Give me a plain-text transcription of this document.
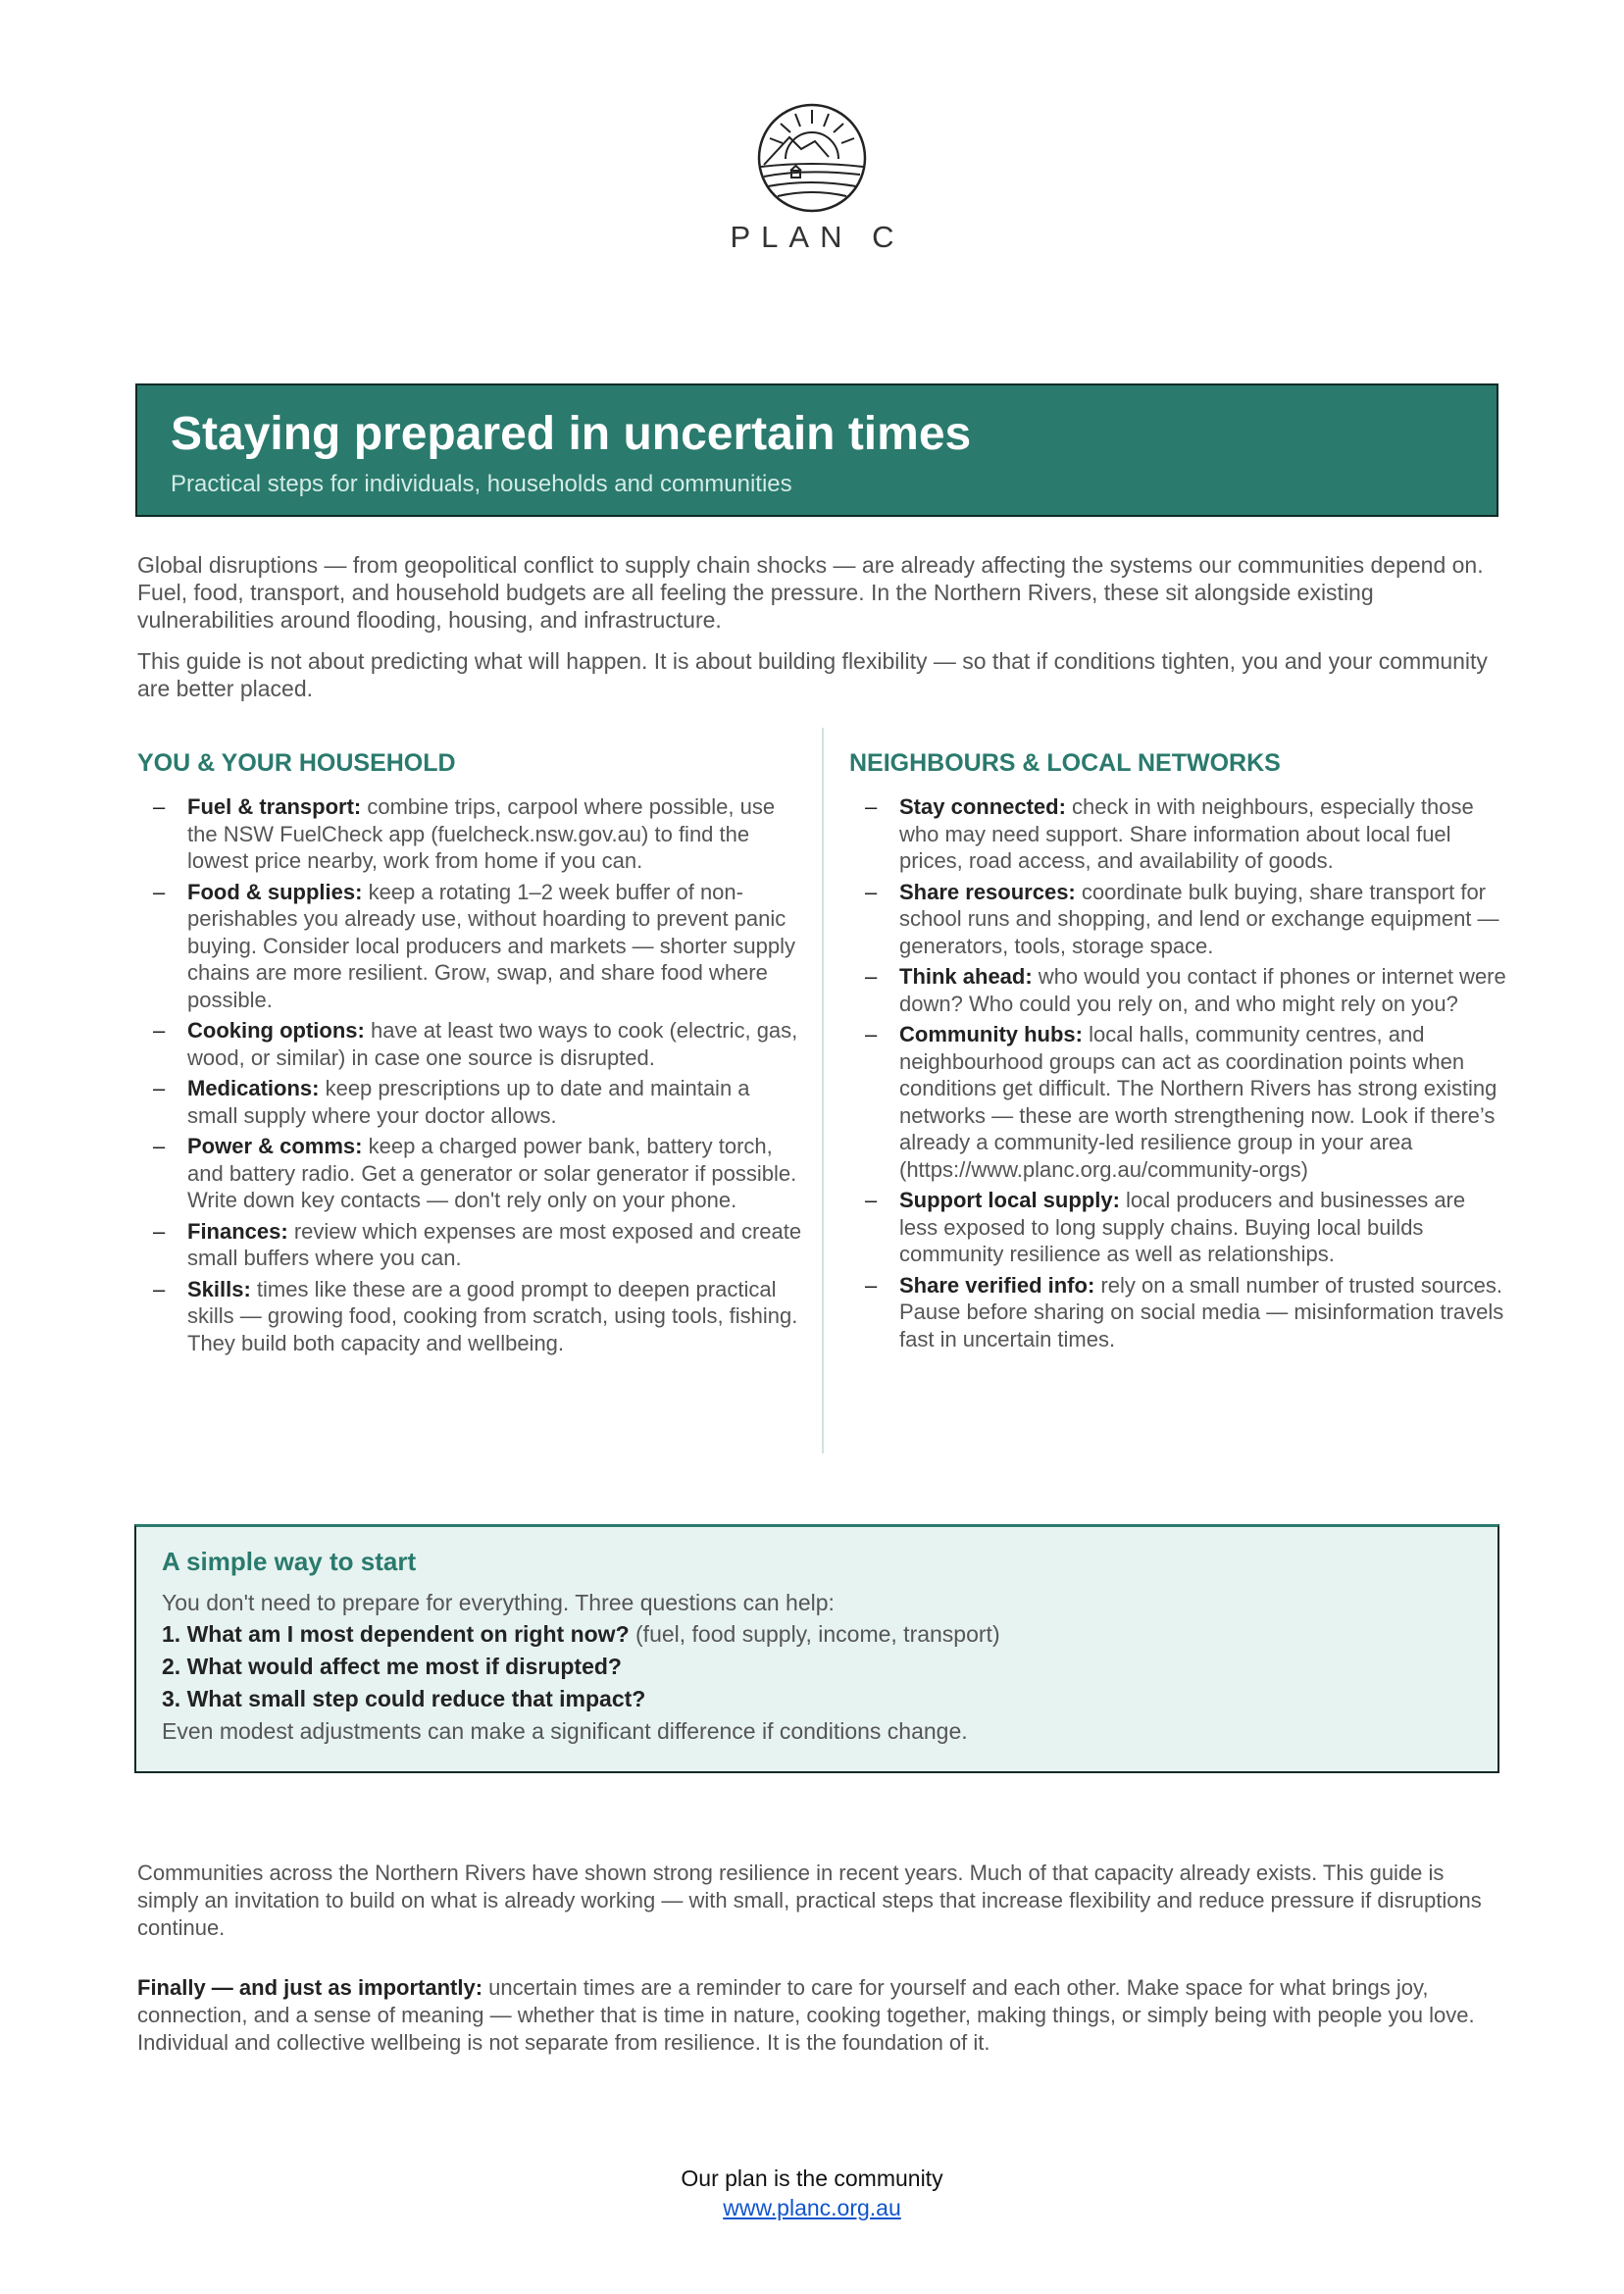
PLAN C
Staying prepared in uncertain times
Practical steps for individuals, households and communities

Global disruptions — from geopolitical conflict to supply chain shocks — are already affecting the systems our communities depend on. Fuel, food, transport, and household budgets are all feeling the pressure. In the Northern Rivers, these sit alongside existing vulnerabilities around flooding, housing, and infrastructure.

This guide is not about predicting what will happen. It is about building flexibility — so that if conditions tighten, you and your community are better placed.

YOU & YOUR HOUSEHOLD
– Fuel & transport: combine trips, carpool where possible, use the NSW FuelCheck app (fuelcheck.nsw.gov.au) to find the lowest price nearby, work from home if you can.
– Food & supplies: keep a rotating 1–2 week buffer of non-perishables you already use, without hoarding to prevent panic buying. Consider local producers and markets — shorter supply chains are more resilient. Grow, swap, and share food where possible.
– Cooking options: have at least two ways to cook (electric, gas, wood, or similar) in case one source is disrupted.
– Medications: keep prescriptions up to date and maintain a small supply where your doctor allows.
– Power & comms: keep a charged power bank, battery torch, and battery radio. Get a generator or solar generator if possible. Write down key contacts — don't rely only on your phone.
– Finances: review which expenses are most exposed and create small buffers where you can.
– Skills: times like these are a good prompt to deepen practical skills — growing food, cooking from scratch, using tools, fishing. They build both capacity and wellbeing.
NEIGHBOURS & LOCAL NETWORKS
– Stay connected: check in with neighbours, especially those who may need support. Share information about local fuel prices, road access, and availability of goods.
– Share resources: coordinate bulk buying, share transport for school runs and shopping, and lend or exchange equipment — generators, tools, storage space.
– Think ahead: who would you contact if phones or internet were down? Who could you rely on, and who might rely on you?
– Community hubs: local halls, community centres, and neighbourhood groups can act as coordination points when conditions get difficult. The Northern Rivers has strong existing networks — these are worth strengthening now. Look if there’s already a community-led resilience group in your area (https://www.planc.org.au/community-orgs)
– Support local supply: local producers and businesses are less exposed to long supply chains. Buying local builds community resilience as well as relationships.
– Share verified info: rely on a small number of trusted sources. Pause before sharing on social media — misinformation travels fast in uncertain times.
A simple way to start
You don't need to prepare for everything. Three questions can help:
1. What am I most dependent on right now? (fuel, food supply, income, transport)
2. What would affect me most if disrupted?
3. What small step could reduce that impact?
Even modest adjustments can make a significant difference if conditions change.

Communities across the Northern Rivers have shown strong resilience in recent years. Much of that capacity already exists. This guide is simply an invitation to build on what is already working — with small, practical steps that increase flexibility and reduce pressure if disruptions continue.

Finally — and just as importantly: uncertain times are a reminder to care for yourself and each other. Make space for what brings joy, connection, and a sense of meaning — whether that is time in nature, cooking together, making things, or simply being with people you love. Individual and collective wellbeing is not separate from resilience. It is the foundation of it.

Our plan is the community
www.planc.org.au
